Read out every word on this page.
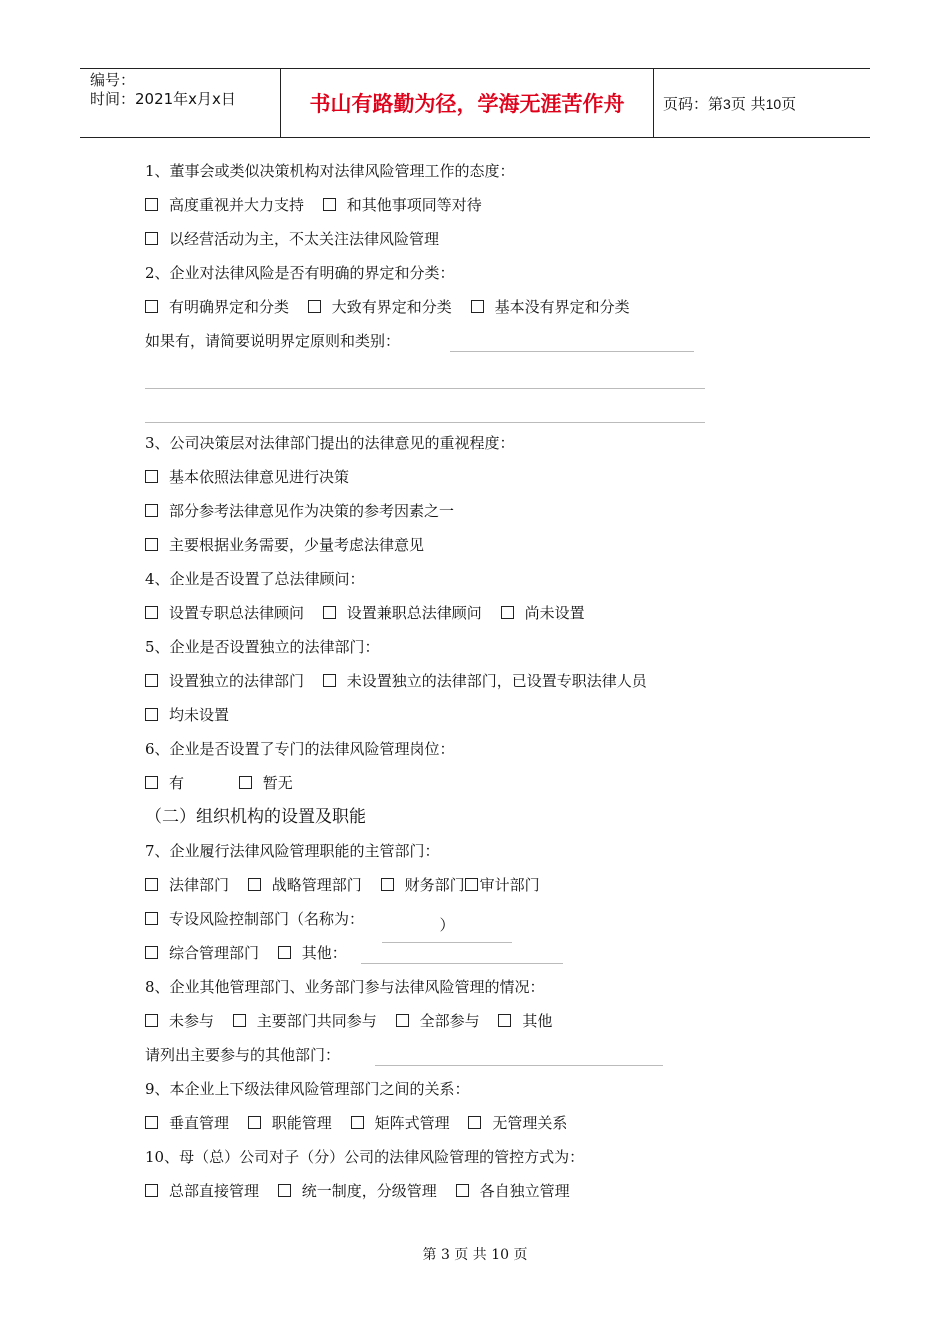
编号：
时间：2021年x月x日	书山有路勤为径，学海无涯苦作舟	页码：第3页 共10页
1、董事会或类似决策机构对法律风险管理工作的态度：
高度重视并大力支持	和其他事项同等对待
以经营活动为主，不太关注法律风险管理
2、企业对法律风险是否有明确的界定和分类：
有明确界定和分类	大致有界定和分类	基本没有界定和分类
如果有，请简要说明界定原则和类别：
3、公司决策层对法律部门提出的法律意见的重视程度：
基本依照法律意见进行决策
部分参考法律意见作为决策的参考因素之一
主要根据业务需要，少量考虑法律意见
4、企业是否设置了总法律顾问：
设置专职总法律顾问	设置兼职总法律顾问	尚未设置
5、企业是否设置独立的法律部门：
设置独立的法律部门	未设置独立的法律部门，已设置专职法律人员
均未设置
6、企业是否设置了专门的法律风险管理岗位：
有	暂无
（二）组织机构的设置及职能
7、企业履行法律风险管理职能的主管部门：
法律部门	战略管理部门	财务部门 审计部门
专设风险控制部门（名称为：	）
综合管理部门	其他：
8、企业其他管理部门、业务部门参与法律风险管理的情况：
未参与	主要部门共同参与	全部参与	其他
请列出主要参与的其他部门：
9、本企业上下级法律风险管理部门之间的关系：
垂直管理	职能管理	矩阵式管理	无管理关系
10、母（总）公司对子（分）公司的法律风险管理的管控方式为：
总部直接管理	统一制度，分级管理	各自独立管理
第 3 页 共 10 页
